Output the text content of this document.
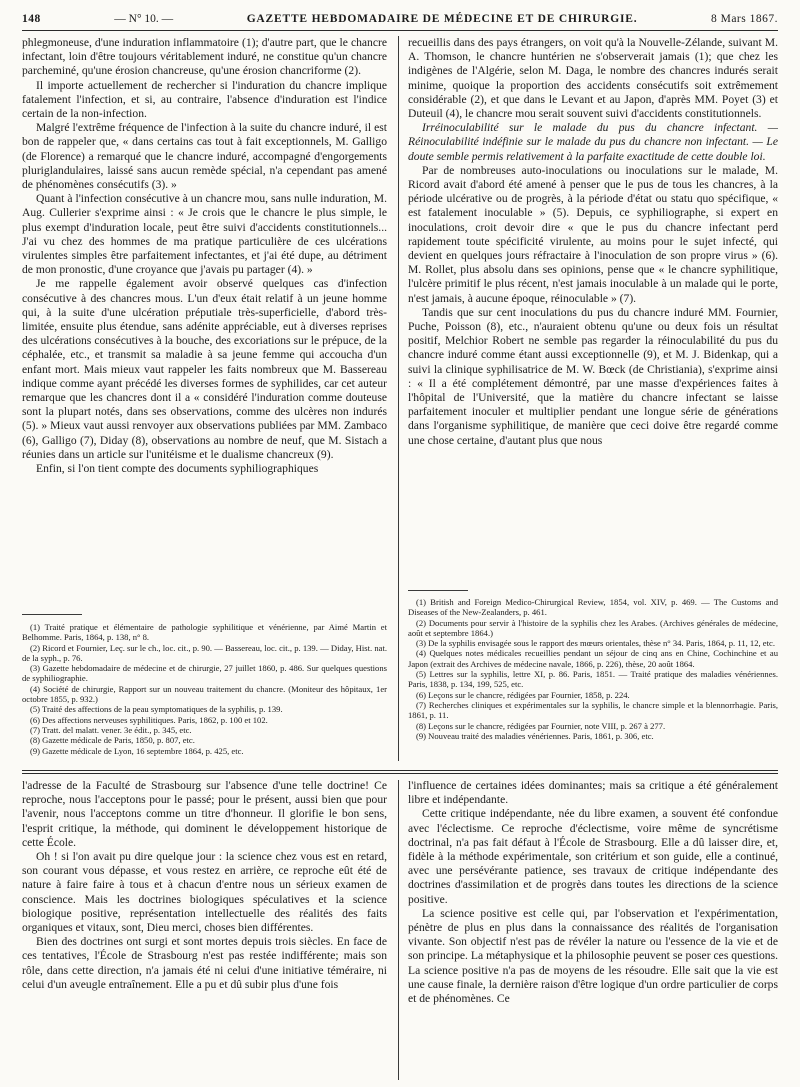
148	— N° 10. —	GAZETTE HEBDOMADAIRE DE MÉDECINE ET DE CHIRURGIE.	8 Mars 1867.

phlegmoneuse, d'une induration inflammatoire (1); d'autre part, que le chancre infectant, loin d'être toujours véritablement induré, ne constitue qu'un chancre parcheminé, qu'une érosion chancreuse, qu'une érosion chancriforme (2).

Il importe actuellement de rechercher si l'induration du chancre implique fatalement l'infection, et si, au contraire, l'absence d'induration est l'indice certain de la non-infection.

Malgré l'extrême fréquence de l'infection à la suite du chancre induré, il est bon de rappeler que, « dans certains cas tout à fait exceptionnels, M. Galligo (de Florence) a remarqué que le chancre induré, accompagné d'engorgements pluriglandulaires, laissé sans aucun remède spécial, n'a cependant pas amené de phénomènes consécutifs (3). »

Quant à l'infection consécutive à un chancre mou, sans nulle induration, M. Aug. Cullerier s'exprime ainsi : « Je crois que le chancre le plus simple, le plus exempt d'induration locale, peut être suivi d'accidents constitutionnels... J'ai vu chez des hommes de ma pratique particulière de ces ulcérations virulentes simples être parfaitement infectantes, et j'ai été dupe, au détriment de mon pronostic, d'une croyance que j'avais pu partager (4). »

Je me rappelle également avoir observé quelques cas d'infection consécutive à des chancres mous. L'un d'eux était relatif à un jeune homme qui, à la suite d'une ulcération préputiale très-superficielle, d'abord très-limitée, ensuite plus étendue, sans adénite appréciable, eut à diverses reprises des ulcérations consécutives à la bouche, des excoriations sur le prépuce, de la céphalée, etc., et transmit sa maladie à sa jeune femme qui accoucha d'un enfant mort. Mais mieux vaut rappeler les faits nombreux que M. Bassereau indique comme ayant précédé les diverses formes de syphilides, car cet auteur remarque que les chancres dont il a « considéré l'induration comme douteuse sont la plupart notés, dans ses observations, comme des ulcères non indurés (5). » Mieux vaut aussi renvoyer aux observations publiées par MM. Zambaco (6), Galligo (7), Diday (8), observations au nombre de neuf, que M. Sistach a réunies dans un article sur l'unitéisme et le dualisme chancreux (9).

Enfin, si l'on tient compte des documents syphiliographiques

recueillis dans des pays étrangers, on voit qu'à la Nouvelle-Zélande, suivant M. A. Thomson, le chancre huntérien ne s'observerait jamais (1); que chez les indigènes de l'Algérie, selon M. Daga, le nombre des chancres indurés serait minime, quoique la proportion des accidents consécutifs soit extrêmement considérable (2), et que dans le Levant et au Japon, d'après MM. Poyet (3) et Duteuil (4), le chancre mou serait souvent suivi d'accidents constitutionnels.

Irréinoculabilité sur le malade du pus du chancre infectant. — Réinoculabilité indéfinie sur le malade du pus du chancre non infectant. — Le doute semble permis relativement à la parfaite exactitude de cette double loi.

Par de nombreuses auto-inoculations ou inoculations sur le malade, M. Ricord avait d'abord été amené à penser que le pus de tous les chancres, à la période ulcérative ou de progrès, à la période d'état ou statu quo spécifique, « est fatalement inoculable » (5). Depuis, ce syphiliographe, si expert en inoculations, croit devoir dire « que le pus du chancre infectant perd rapidement toute spécificité virulente, au moins pour le sujet infecté, qui devient en quelques jours réfractaire à l'inoculation de son propre virus » (6). M. Rollet, plus absolu dans ses opinions, pense que « le chancre syphilitique, l'ulcère primitif le plus récent, n'est jamais inoculable à un malade qui le porte, n'est jamais, à aucune époque, réinoculable » (7).

Tandis que sur cent inoculations du pus du chancre induré MM. Fournier, Puche, Poisson (8), etc., n'auraient obtenu qu'une ou deux fois un résultat positif, Melchior Robert ne semble pas regarder la réinoculabilité du pus du chancre induré comme étant aussi exceptionnelle (9), et M. J. Bidenkap, qui a suivi la clinique syphilisatrice de M. W. Bœck (de Christiania), s'exprime ainsi : « Il a été complétement démontré, par une masse d'expériences faites à l'hôpital de l'Université, que la matière du chancre infectant se laisse parfaitement inoculer et multiplier pendant une longue série de générations dans l'organisme syphilitique, de manière que ceci doive être regardé comme une chose certaine, d'autant plus que nous

(1) Traité pratique et élémentaire de pathologie syphilitique et vénérienne, par Aimé Martin et Belhomme. Paris, 1864, p. 138, n° 8.

(2) Ricord et Fournier, Leç. sur le ch., loc. cit., p. 90. — Bassereau, loc. cit., p. 139. — Diday, Hist. nat. de la syph., p. 76.

(3) Gazette hebdomadaire de médecine et de chirurgie, 27 juillet 1860, p. 486. Sur quelques questions de syphiliographie.

(4) Société de chirurgie, Rapport sur un nouveau traitement du chancre. (Moniteur des hôpitaux, 1er octobre 1855, p. 932.)

(5) Traité des affections de la peau symptomatiques de la syphilis, p. 139.

(6) Des affections nerveuses syphilitiques. Paris, 1862, p. 100 et 102.

(7) Tratt. del malatt. vener. 3e édit., p. 345, etc.

(8) Gazette médicale de Paris, 1850, p. 807, etc.

(9) Gazette médicale de Lyon, 16 septembre 1864, p. 425, etc.

(1) British and Foreign Medico-Chirurgical Review, 1854, vol. XIV, p. 469. — The Customs and Diseases of the New-Zealanders, p. 461.

(2) Documents pour servir à l'histoire de la syphilis chez les Arabes. (Archives générales de médecine, août et septembre 1864.)

(3) De la syphilis envisagée sous le rapport des mœurs orientales, thèse n° 34. Paris, 1864, p. 11, 12, etc.

(4) Quelques notes médicales recueillies pendant un séjour de cinq ans en Chine, Cochinchine et au Japon (extrait des Archives de médecine navale, 1866, p. 226), thèse, 20 août 1864.

(5) Lettres sur la syphilis, lettre XI, p. 86. Paris, 1851. — Traité pratique des maladies vénériennes. Paris, 1838, p. 134, 199, 525, etc.

(6) Leçons sur le chancre, rédigées par Fournier, 1858, p. 224.

(7) Recherches cliniques et expérimentales sur la syphilis, le chancre simple et la blennorrhagie. Paris, 1861, p. 11.

(8) Leçons sur le chancre, rédigées par Fournier, note VIII, p. 267 à 277.

(9) Nouveau traité des maladies vénériennes. Paris, 1861, p. 306, etc.

l'adresse de la Faculté de Strasbourg sur l'absence d'une telle doctrine! Ce reproche, nous l'acceptons pour le passé; pour le présent, aussi bien que pour l'avenir, nous l'acceptons comme un titre d'honneur. Il glorifie le bon sens, l'esprit critique, la méthode, qui dominent le développement historique de cette École.

Oh ! si l'on avait pu dire quelque jour : la science chez vous est en retard, son courant vous dépasse, et vous restez en arrière, ce reproche eût été de nature à faire faire à tous et à chacun d'entre nous un sérieux examen de conscience. Mais les doctrines biologiques spéculatives et la science biologique positive, représentation intellectuelle des réalités des faits organiques et vitaux, sont, Dieu merci, choses bien différentes.

Bien des doctrines ont surgi et sont mortes depuis trois siècles. En face de ces tentatives, l'École de Strasbourg n'est pas restée indifférente; mais son rôle, dans cette direction, n'a jamais été ni celui d'une initiative téméraire, ni celui d'un aveugle entraînement. Elle a pu et dû subir plus d'une fois

l'influence de certaines idées dominantes; mais sa critique a été généralement libre et indépendante.

Cette critique indépendante, née du libre examen, a souvent été confondue avec l'éclectisme. Ce reproche d'éclectisme, voire même de syncrétisme doctrinal, n'a pas fait défaut à l'École de Strasbourg. Elle a dû laisser dire, et, fidèle à la méthode expérimentale, son critérium et son guide, elle a continué, avec une persévérante patience, ses travaux de critique indépendante des doctrines d'assimilation et de progrès dans toutes les directions de la science positive.

La science positive est celle qui, par l'observation et l'expérimentation, pénètre de plus en plus dans la connaissance des réalités de l'organisation vivante. Son objectif n'est pas de révéler la nature ou l'essence de la vie et de son principe. La métaphysique et la philosophie peuvent se poser ces questions. La science positive n'a pas de moyens de les résoudre. Elle sait que la vie est une cause finale, la dernière raison d'être logique d'un ordre particulier de corps et de phénomènes. Ce
